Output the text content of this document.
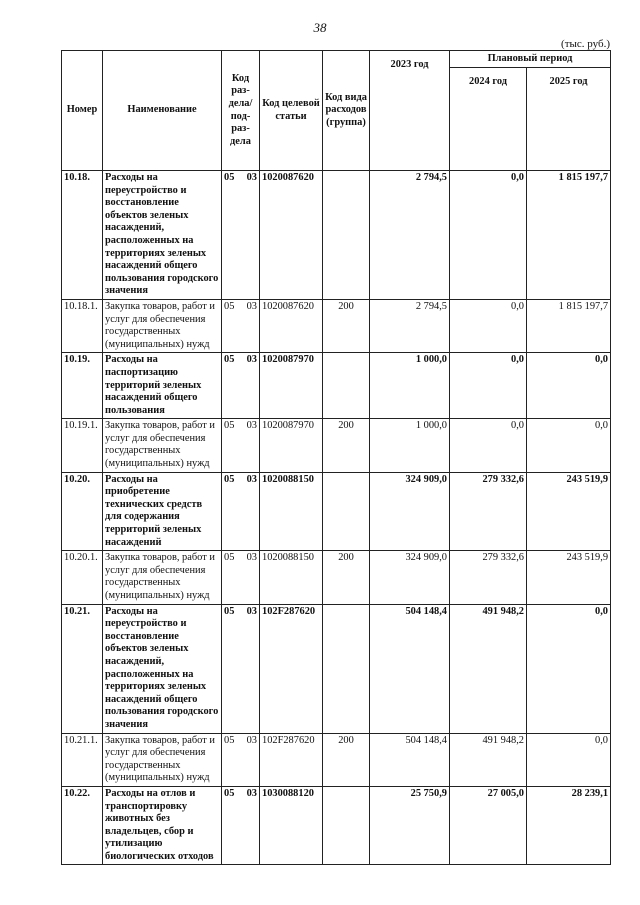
38
(тыс. руб.)
Номер	Наименование	Код раз-дела/ под-раз-дела	Код целевой статьи	Код вида расходов (группа)	2023 год	Плановый период	
						2024 год	2025 год
10.18.	Расходы на переустройство и восстановление объектов зеленых насаждений, расположенных на территориях зеленых насаждений общего пользования городского значения	05 03	1020087620		2 794,5	0,0	1 815 197,7
10.18.1.	Закупка товаров, работ и услуг для обеспечения государственных (муниципальных) нужд	05 03	1020087620	200	2 794,5	0,0	1 815 197,7
10.19.	Расходы на паспортизацию территорий зеленых насаждений общего пользования	05 03	1020087970		1 000,0	0,0	0,0
10.19.1.	Закупка товаров, работ и услуг для обеспечения государственных (муниципальных) нужд	05 03	1020087970	200	1 000,0	0,0	0,0
10.20.	Расходы на приобретение технических средств для содержания территорий зеленых насаждений	05 03	1020088150		324 909,0	279 332,6	243 519,9
10.20.1.	Закупка товаров, работ и услуг для обеспечения государственных (муниципальных) нужд	05 03	1020088150	200	324 909,0	279 332,6	243 519,9
10.21.	Расходы на переустройство и восстановление объектов зеленых насаждений, расположенных на территориях зеленых насаждений общего пользования городского значения	05 03	102F287620		504 148,4	491 948,2	0,0
10.21.1.	Закупка товаров, работ и услуг для обеспечения государственных (муниципальных) нужд	05 03	102F287620	200	504 148,4	491 948,2	0,0
10.22.	Расходы на отлов и транспортировку животных без владельцев, сбор и утилизацию биологических отходов	05 03	1030088120		25 750,9	27 005,0	28 239,1
